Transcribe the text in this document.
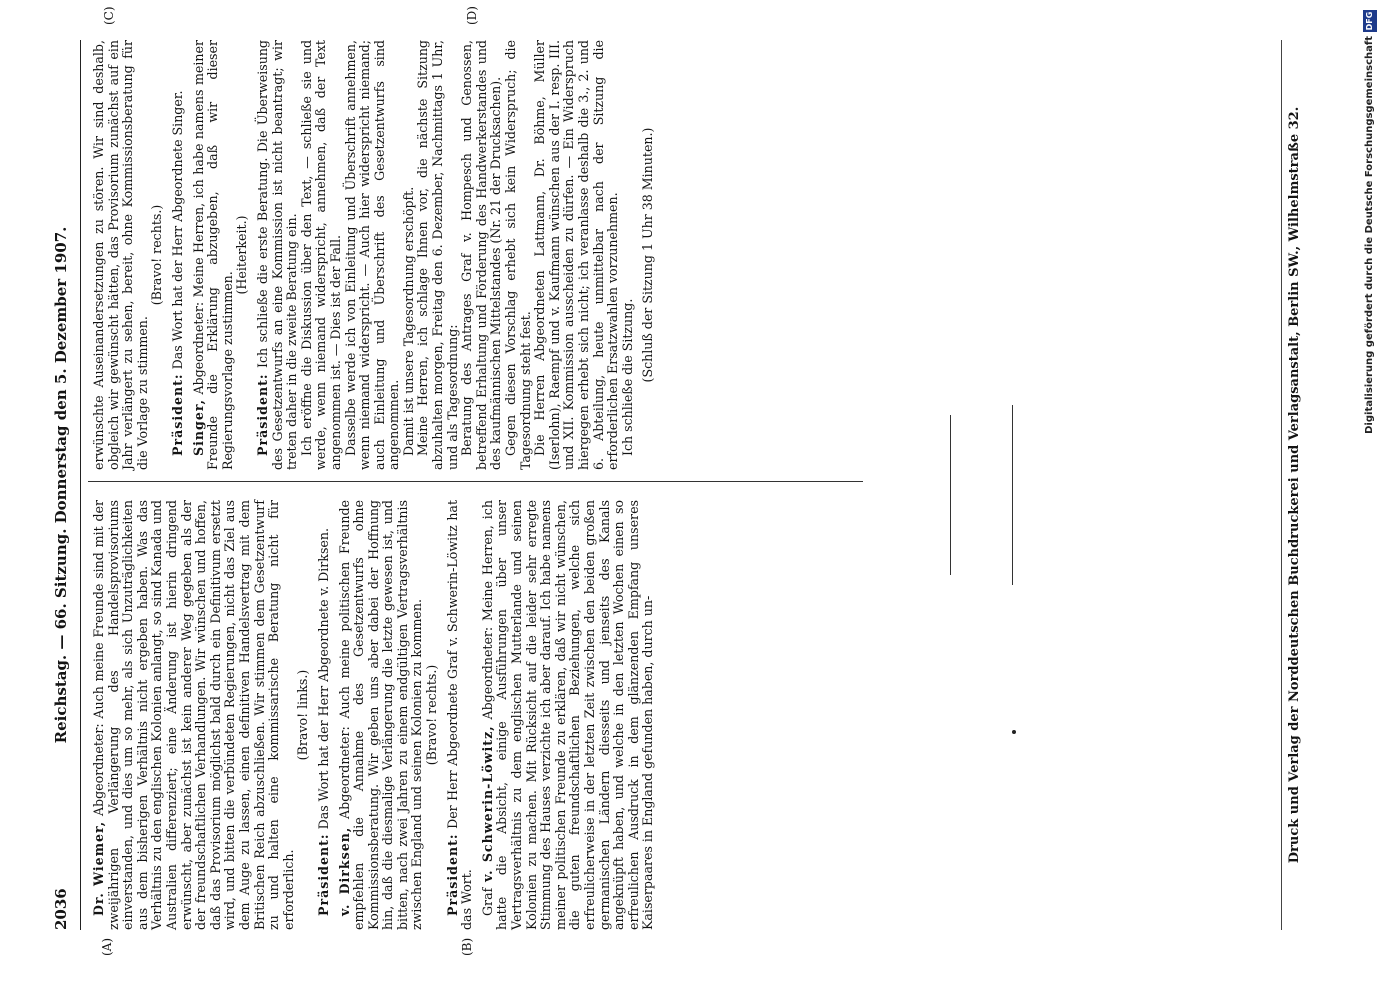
2036
Reichstag. — 66. Sitzung. Donnerstag den 5. Dezember 1907.
(A)	(B)
(C)	(D)

Dr. Wiemer, Abgeordneter: Auch meine Freunde sind mit der zweijährigen Verlängerung des Handelsprovisoriums einverstanden, und dies um so mehr, als sich Unzuträglichkeiten aus dem bisherigen Verhältnis nicht ergeben haben. Was das Verhältnis zu den englischen Kolonien anlangt, so sind Kanada und Australien differenziert; eine Änderung ist hierin dringend erwünscht, aber zunächst ist kein anderer Weg gegeben als der der freundschaftlichen Verhandlungen. Wir wünschen und hoffen, daß das Provisorium möglichst bald durch ein Definitivum ersetzt wird, und bitten die verbündeten Regierungen, nicht das Ziel aus dem Auge zu lassen, einen definitiven Handelsvertrag mit dem Britischen Reich abzuschließen. Wir stimmen dem Gesetzentwurf zu und halten eine kommissarische Beratung nicht für erforderlich.

(Bravo! links.)

Präsident: Das Wort hat der Herr Abgeordnete v. Dirksen.

v. Dirksen, Abgeordneter: Auch meine politischen Freunde empfehlen die Annahme des Gesetzentwurfs ohne Kommissionsberatung. Wir geben uns aber dabei der Hoffnung hin, daß die diesmalige Verlängerung die letzte gewesen ist, und bitten, nach zwei Jahren zu einem endgültigen Vertragsverhältnis zwischen England und seinen Kolonien zu kommen. (Bravo! rechts.)

Präsident: Der Herr Abgeordnete Graf v. Schwerin-Löwitz hat das Wort. Graf v. Schwerin-Löwitz, Abgeordneter: Meine Herren, ich hatte die Absicht, einige Ausführungen über unser Vertragsverhältnis zu dem englischen Mutterlande und seinen Kolonien zu machen. Mit Rücksicht auf die leider sehr erregte Stimmung des Hauses verzichte ich aber darauf. Ich habe namens meiner politischen Freunde zu erklären, daß wir nicht wünschen, die guten freundschaftlichen Beziehungen, welche sich erfreulicherweise in der letzten Zeit zwischen den beiden großen germanischen Ländern diesseits und jenseits des Kanals angeknüpft haben, und welche in den letzten Wochen einen so erfreulichen Ausdruck in dem glänzenden Empfang unseres Kaiserpaares in England gefunden haben, durch un-

erwünschte Auseinandersetzungen zu stören. Wir sind deshalb, obgleich wir gewünscht hätten, das Provisorium zunächst auf ein Jahr verlängert zu sehen, bereit, ohne Kommissionsberatung für die Vorlage zu stimmen.

(Bravo! rechts.)

Präsident: Das Wort hat der Herr Abgeordnete Singer.

Singer, Abgeordneter: Meine Herren, ich habe namens meiner Freunde die Erklärung abzugeben, daß wir dieser Regierungsvorlage zustimmen.

(Heiterkeit.)

Präsident: Ich schließe die erste Beratung. Die Überweisung des Gesetzentwurfs an eine Kommission ist nicht beantragt; wir treten daher in die zweite Beratung ein. Ich eröffne die Diskussion über den Text, — schließe sie und werde, wenn niemand widerspricht, annehmen, daß der Text angenommen ist. — Dies ist der Fall. Dasselbe werde ich von Einleitung und Überschrift annehmen, wenn niemand widerspricht. — Auch hier widerspricht niemand; auch Einleitung und Überschrift des Gesetzentwurfs sind angenommen. Damit ist unsere Tagesordnung erschöpft. Meine Herren, ich schlage Ihnen vor, die nächste Sitzung abzuhalten morgen, Freitag den 6. Dezember, Nachmittags 1 Uhr, und als Tagesordnung: Beratung des Antrages Graf v. Hompesch und Genossen, betreffend Erhaltung und Förderung des Handwerkerstandes und des kaufmännischen Mittelstandes (Nr. 21 der Drucksachen). Gegen diesen Vorschlag erhebt sich kein Widerspruch; die Tagesordnung steht fest. Die Herren Abgeordneten Lattmann, Dr. Böhme, Müller (Iserlohn), Raempf und v. Kaufmann wünschen aus der I. resp. III. und XII. Kommission ausscheiden zu dürfen. — Ein Widerspruch hiergegen erhebt sich nicht; ich veranlasse deshalb die 3., 2. und 6. Abteilung, heute unmittelbar nach der Sitzung die erforderlichen Ersatzwahlen vorzunehmen. Ich schließe die Sitzung. (Schluß der Sitzung 1 Uhr 38 Minuten.)	Druck und Verlag der Norddeutschen Buchdruckerei und Verlagsanstalt, Berlin SW., Wilhelmstraße 32.	Digitalisierung gefördert durch die Deutsche Forschungsgemeinschaft
DFG
